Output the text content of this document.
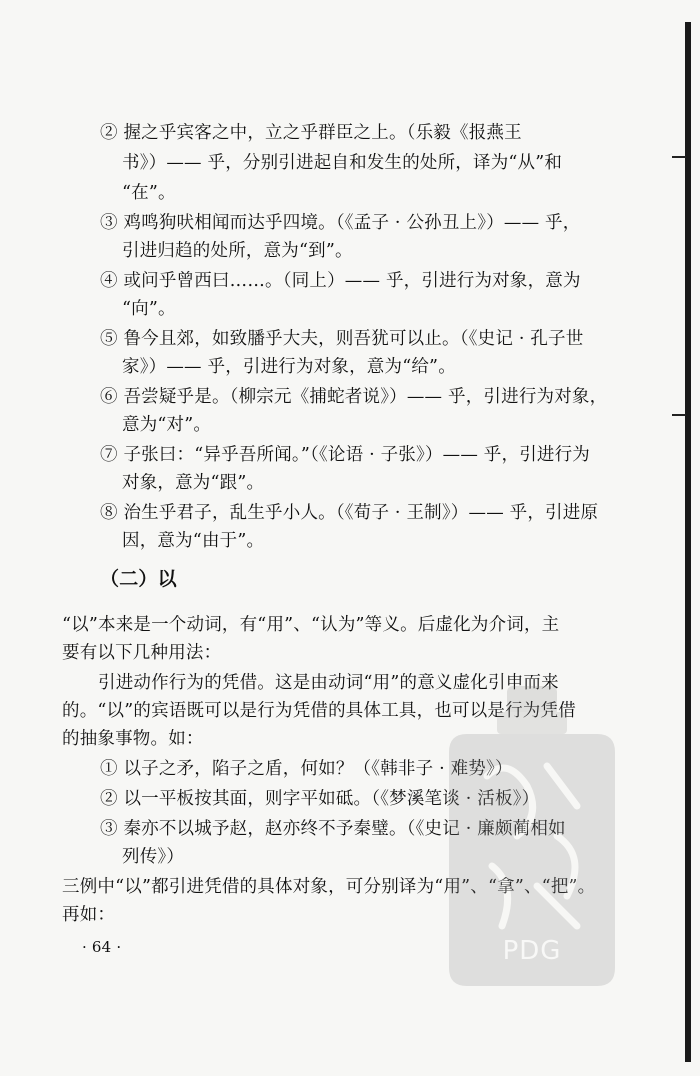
② 握之乎宾客之中，立之乎群臣之上。（乐毅《报燕王
书》）—— 乎，分别引进起自和发生的处所，译为“从”和
“在”。
③ 鸡鸣狗吠相闻而达乎四境。（《孟子 · 公孙丑上》）—— 乎，
引进归趋的处所，意为“到”。
④ 或问乎曾西曰……。（同上）—— 乎，引进行为对象，意为
“向”。
⑤ 鲁今且郊，如致膰乎大夫，则吾犹可以止。（《史记 · 孔子世
家》）—— 乎，引进行为对象，意为“给”。
⑥ 吾尝疑乎是。（柳宗元《捕蛇者说》）—— 乎，引进行为对象，
意为“对”。
⑦ 子张曰：“异乎吾所闻。”（《论语 · 子张》）—— 乎，引进行为
对象，意为“跟”。
⑧ 治生乎君子，乱生乎小人。（《荀子 · 王制》）—— 乎，引进原
因，意为“由于”。
（二）以
“以”本来是一个动词，有“用”、“认为”等义。后虚化为介词，主
要有以下几种用法：
引进动作行为的凭借。这是由动词“用”的意义虚化引申而来
的。“以”的宾语既可以是行为凭借的具体工具，也可以是行为凭借
的抽象事物。如：
① 以子之矛，陷子之盾，何如？（《韩非子 · 难势》）
② 以一平板按其面，则字平如砥。（《梦溪笔谈 · 活板》）
③ 秦亦不以城予赵，赵亦终不予秦璧。（《史记 · 廉颇蔺相如
列传》）
三例中“以”都引进凭借的具体对象，可分别译为“用”、“拿”、“把”。
再如：
· 64 ·	PDG
